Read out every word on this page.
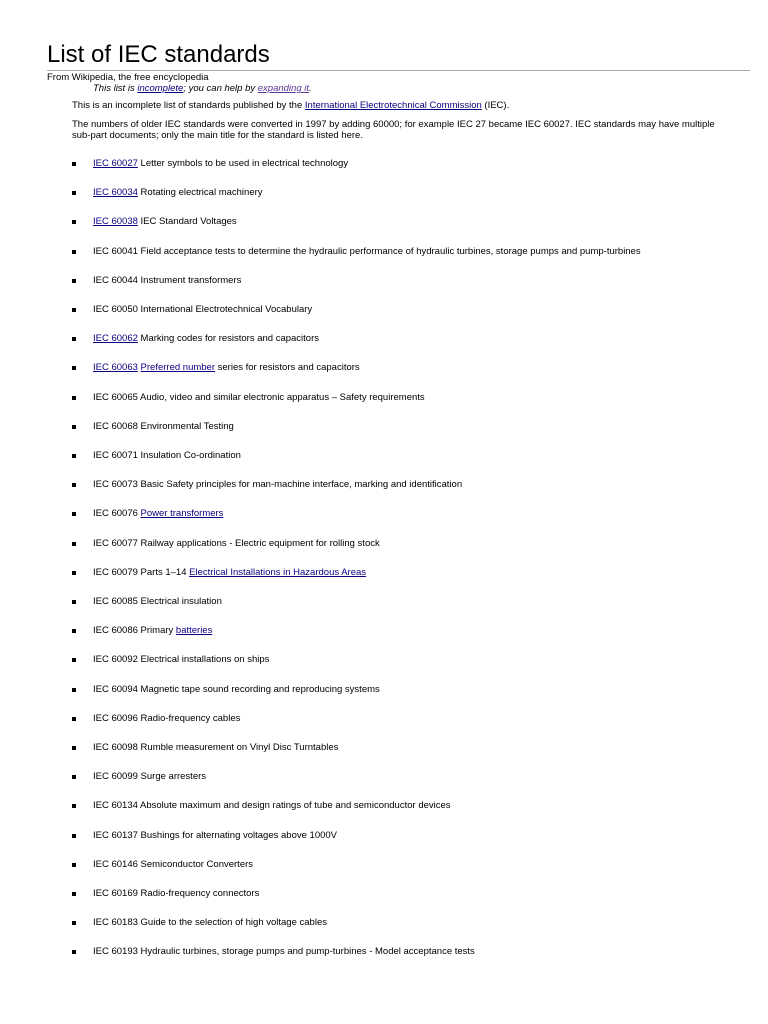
List of IEC standards
From Wikipedia, the free encyclopedia
This list is incomplete; you can help by expanding it.

This is an incomplete list of standards published by the International Electrotechnical Commission (IEC).

The numbers of older IEC standards were converted in 1997 by adding 60000; for example IEC 27 became IEC 60027. IEC standards may have multiple sub-part documents; only the main title for the standard is listed here.

IEC 60027 Letter symbols to be used in electrical technology
IEC 60034 Rotating electrical machinery
IEC 60038 IEC Standard Voltages
IEC 60041 Field acceptance tests to determine the hydraulic performance of hydraulic turbines, storage pumps and pump-turbines
IEC 60044 Instrument transformers
IEC 60050 International Electrotechnical Vocabulary
IEC 60062 Marking codes for resistors and capacitors
IEC 60063 Preferred number series for resistors and capacitors
IEC 60065 Audio, video and similar electronic apparatus – Safety requirements
IEC 60068 Environmental Testing
IEC 60071 Insulation Co-ordination
IEC 60073 Basic Safety principles for man-machine interface, marking and identification
IEC 60076 Power transformers
IEC 60077 Railway applications - Electric equipment for rolling stock
IEC 60079 Parts 1–14 Electrical Installations in Hazardous Areas
IEC 60085 Electrical insulation
IEC 60086 Primary batteries
IEC 60092 Electrical installations on ships
IEC 60094 Magnetic tape sound recording and reproducing systems
IEC 60096 Radio-frequency cables
IEC 60098 Rumble measurement on Vinyl Disc Turntables
IEC 60099 Surge arresters
IEC 60134 Absolute maximum and design ratings of tube and semiconductor devices
IEC 60137 Bushings for alternating voltages above 1000V
IEC 60146 Semiconductor Converters
IEC 60169 Radio-frequency connectors
IEC 60183 Guide to the selection of high voltage cables
IEC 60193 Hydraulic turbines, storage pumps and pump-turbines - Model acceptance tests
